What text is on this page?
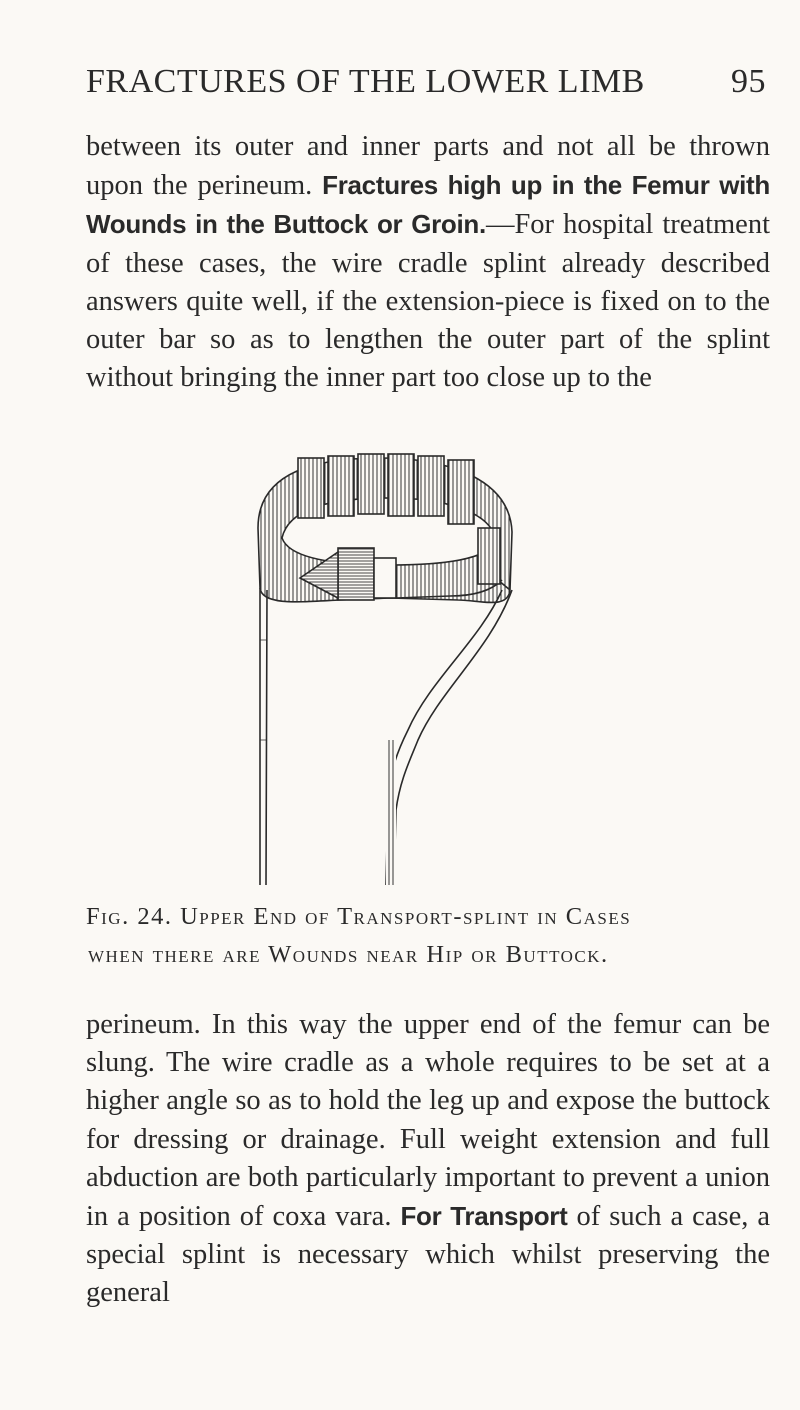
FRACTURES OF THE LOWER LIMB	95

between its outer and inner parts and not all be thrown upon the perineum. Fractures high up in the Femur with Wounds in the Buttock or Groin.—For hospital treatment of these cases, the wire cradle splint already described answers quite well, if the extension-piece is fixed on to the outer bar so as to lengthen the outer part of the splint without bringing the inner part too close up to the

Fig. 24. Upper End of Transport-splint in Cases
when there are Wounds near Hip or Buttock.

perineum. In this way the upper end of the femur can be slung. The wire cradle as a whole requires to be set at a higher angle so as to hold the leg up and expose the buttock for dressing or drainage. Full weight extension and full abduction are both particularly important to prevent a union in a position of coxa vara. For Transport of such a case, a special splint is necessary which whilst preserving the general
